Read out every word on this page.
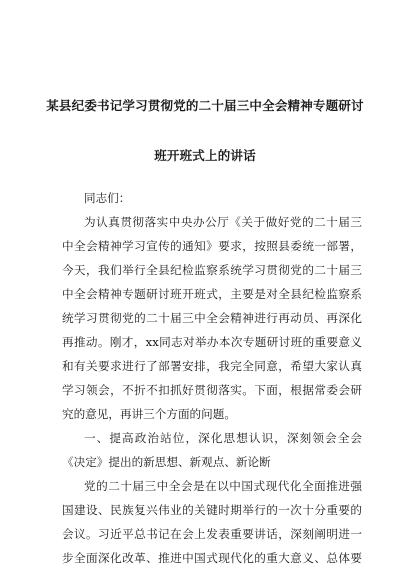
某县纪委书记学习贯彻党的二十届三中全会精神专题研讨
班开班式上的讲话
同志们：
为认真贯彻落实中央办公厅《关于做好党的二十届三
中全会精神学习宣传的通知》要求，按照县委统一部署，
今天，我们举行全县纪检监察系统学习贯彻党的二十届三
中全会精神专题研讨班开班式，主要是对全县纪检监察系
统学习贯彻党的二十届三中全会精神进行再动员、再深化
再推动。刚才，xx同志对举办本次专题研讨班的重要意义
和有关要求进行了部署安排，我完全同意，希望大家认真
学习领会，不折不扣抓好贯彻落实。下面，根据常委会研
究的意见，再讲三个方面的问题。
一、提高政治站位，深化思想认识，深刻领会全会
《决定》提出的新思想、新观点、新论断
党的二十届三中全会是在以中国式现代化全面推进强
国建设、民族复兴伟业的关键时期举行的一次十分重要的
会议。习近平总书记在会上发表重要讲话，深刻阐明进一
步全面深化改革、推进中国式现代化的重大意义、总体要
